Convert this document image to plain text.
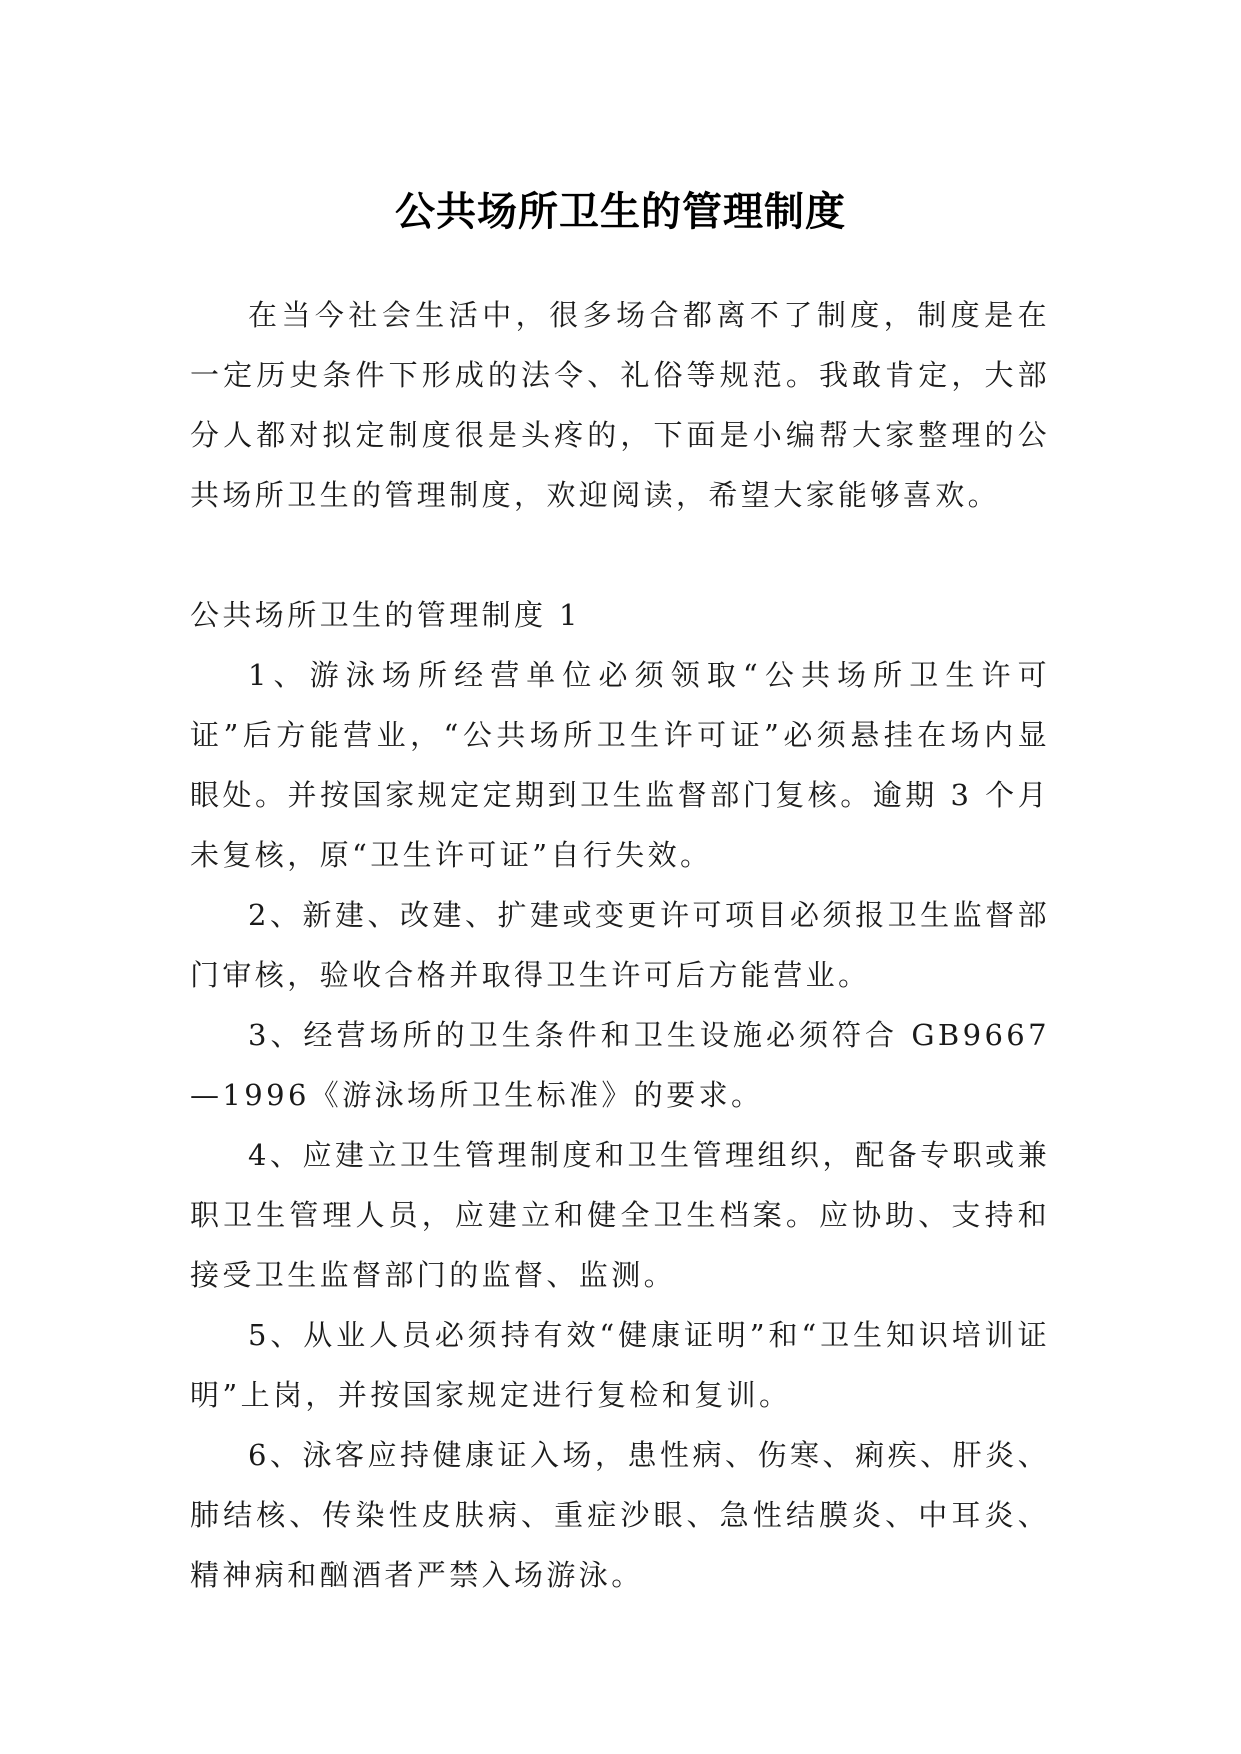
公共场所卫生的管理制度

在当今社会生活中，很多场合都离不了制度，制度是在一定历史条件下形成的法令、礼俗等规范。我敢肯定，大部分人都对拟定制度很是头疼的，下面是小编帮大家整理的公共场所卫生的管理制度，欢迎阅读，希望大家能够喜欢。

公共场所卫生的管理制度 1

1、游泳场所经营单位必须领取“公共场所卫生许可证”后方能营业，“公共场所卫生许可证”必须悬挂在场内显眼处。并按国家规定定期到卫生监督部门复核。逾期 3 个月未复核，原“卫生许可证”自行失效。

2、新建、改建、扩建或变更许可项目必须报卫生监督部门审核，验收合格并取得卫生许可后方能营业。

3、经营场所的卫生条件和卫生设施必须符合 GB9667—1996《游泳场所卫生标准》的要求。

4、应建立卫生管理制度和卫生管理组织，配备专职或兼职卫生管理人员，应建立和健全卫生档案。应协助、支持和接受卫生监督部门的监督、监测。

5、从业人员必须持有效“健康证明”和“卫生知识培训证明”上岗，并按国家规定进行复检和复训。

6、泳客应持健康证入场，患性病、伤寒、痢疾、肝炎、肺结核、传染性皮肤病、重症沙眼、急性结膜炎、中耳炎、精神病和酗酒者严禁入场游泳。
